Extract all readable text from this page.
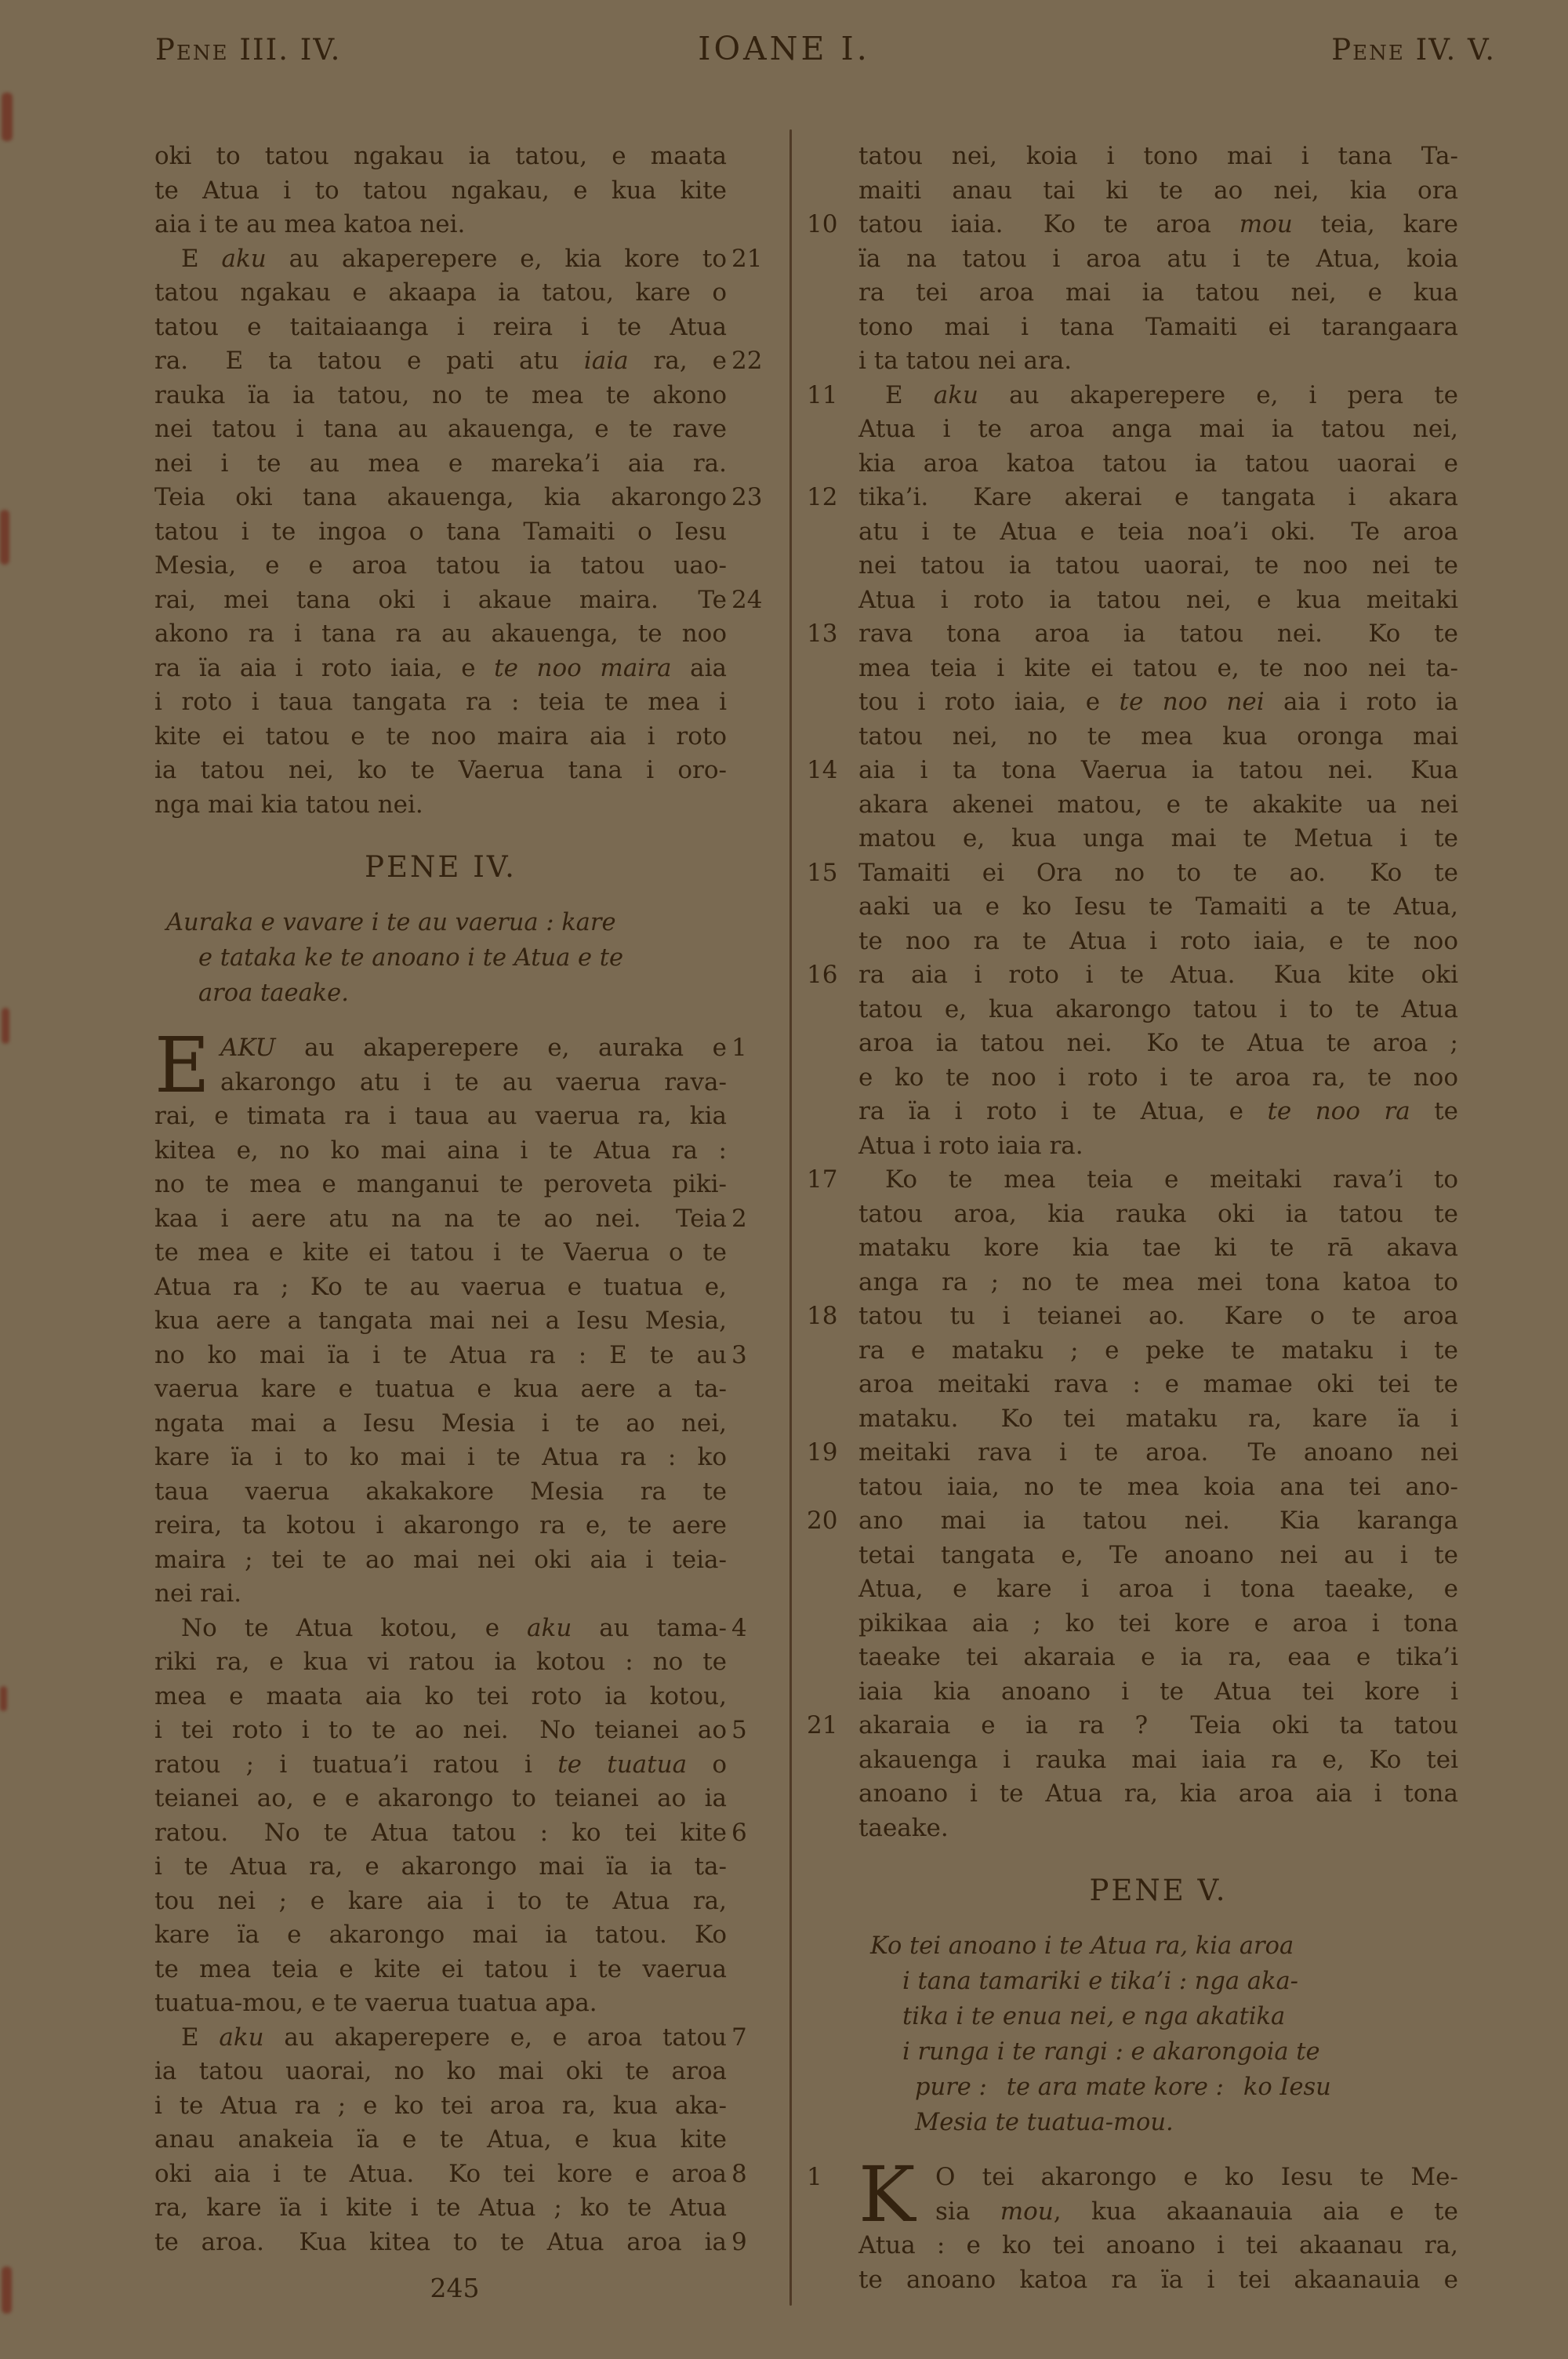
Pene III. IV.	IOANE I.	Pene IV. V.
oki to tatou ngakau ia tatou, e maata
te Atua i to tatou ngakau, e kua kite
aia i te au mea katoa nei.
21
E aku au akaperepere e, kia kore to
tatou ngakau e akaapa ia tatou, kare o
tatou e taitaiaanga i reira i te Atua
22
ra.  E ta tatou e pati atu iaia ra, e
rauka ïa ia tatou, no te mea te akono
nei tatou i tana au akauenga, e te rave
nei i te au mea e mareka’i aia ra.
23
Teia oki tana akauenga, kia akarongo
tatou i te ingoa o tana Tamaiti o Iesu
Mesia, e e aroa tatou ia tatou uao-
24
rai, mei tana oki i akaue maira.  Te
akono ra i tana ra au akauenga, te noo
ra ïa aia i roto iaia, e te noo maira aia
i roto i taua tangata ra : teia te mea i
kite ei tatou e te noo maira aia i roto
ia tatou nei, ko te Vaerua tana i oro-
nga mai kia tatou nei.
PENE IV.
Auraka e vavare i te au vaerua : kare
e tataka ke te anoano i te Atua e te
aroa taeake.
E	1
AKU au akaperepere e, auraka e
akarongo atu i te au vaerua rava-
rai, e timata ra i taua au vaerua ra, kia
kitea e, no ko mai aina i te Atua ra :
no te mea e manganui te peroveta piki-
2
kaa i aere atu na na te ao nei.  Teia
te mea e kite ei tatou i te Vaerua o te
Atua ra ; Ko te au vaerua e tuatua e,
kua aere a tangata mai nei a Iesu Mesia,
3
no ko mai ïa i te Atua ra : E te au
vaerua kare e tuatua e kua aere a ta-
ngata mai a Iesu Mesia i te ao nei,
kare ïa i to ko mai i te Atua ra : ko
taua vaerua akakakore Mesia ra te
reira, ta kotou i akarongo ra e, te aere
maira ; tei te ao mai nei oki aia i teia-
nei rai.
4
No te Atua kotou, e aku au tama-
riki ra, e kua vi ratou ia kotou : no te
mea e maata aia ko tei roto ia kotou,
5
i tei roto i to te ao nei.  No teianei ao
ratou ; i tuatua’i ratou i te tuatua o
teianei ao, e e akarongo to teianei ao ia
6
ratou.  No te Atua tatou : ko tei kite
i te Atua ra, e akarongo mai ïa ia ta-
tou nei ; e kare aia i to te Atua ra,
kare ïa e akarongo mai ia tatou. Ko
te mea teia e kite ei tatou i te vaerua
tuatua-mou, e te vaerua tuatua apa.
7
E aku au akaperepere e, e aroa tatou
ia tatou uaorai, no ko mai oki te aroa
i te Atua ra ; e ko tei aroa ra, kua aka-
anau anakeia ïa e te Atua, e kua kite
8
oki aia i te Atua.  Ko tei kore e aroa
ra, kare ïa i kite i te Atua ; ko te Atua
9
te aroa.  Kua kitea to te Atua aroa ia
tatou nei, koia i tono mai i tana Ta-
maiti anau tai ki te ao nei, kia ora
10 tatou iaia.  Ko te aroa mou teia, kare
ïa na tatou i aroa atu i te Atua, koia
ra tei aroa mai ia tatou nei, e kua
tono mai i tana Tamaiti ei tarangaara
i ta tatou nei ara.
11	E aku au akaperepere e, i pera te
Atua i te aroa anga mai ia tatou nei,
kia aroa katoa tatou ia tatou uaorai e
12 tika’i.  Kare akerai e tangata i akara
atu i te Atua e teia noa’i oki.  Te aroa
nei tatou ia tatou uaorai, te noo nei te
Atua i roto ia tatou nei, e kua meitaki
13 rava tona aroa ia tatou nei.  Ko te
mea teia i kite ei tatou e, te noo nei ta-
tou i roto iaia, e te noo nei aia i roto ia
tatou nei, no te mea kua oronga mai
14 aia i ta tona Vaerua ia tatou nei.  Kua
akara akenei matou, e te akakite ua nei
matou e, kua unga mai te Metua i te
15 Tamaiti ei Ora no to te ao.  Ko te
aaki ua e ko Iesu te Tamaiti a te Atua,
te noo ra te Atua i roto iaia, e te noo
16 ra aia i roto i te Atua.  Kua kite oki
tatou e, kua akarongo tatou i to te Atua
aroa ia tatou nei.  Ko te Atua te aroa ;
e ko te noo i roto i te aroa ra, te noo
ra ïa i roto i te Atua, e te noo ra te
Atua i roto iaia ra.
17	Ko te mea teia e meitaki rava’i to
tatou aroa, kia rauka oki ia tatou te
mataku kore kia tae ki te rā akava
anga ra ; no te mea mei tona katoa to
18 tatou tu i teianei ao.  Kare o te aroa
ra e mataku ; e peke te mataku i te
aroa meitaki rava : e mamae oki tei te
mataku.  Ko tei mataku ra, kare ïa i
19 meitaki rava i te aroa.  Te anoano nei
tatou iaia, no te mea koia ana tei ano-
20 ano mai ia tatou nei.  Kia karanga
tetai tangata e, Te anoano nei au i te
Atua, e kare i aroa i tona taeake, e
pikikaa aia ; ko tei kore e aroa i tona
taeake tei akaraia e ia ra, eaa e tika’i
iaia kia anoano i te Atua tei kore i
21 akaraia e ia ra ?  Teia oki ta tatou
akauenga i rauka mai iaia ra e, Ko tei
anoano i te Atua ra, kia aroa aia i tona
taeake.
PENE V.
Ko tei anoano i te Atua ra, kia aroa
i tana tamariki e tika’i : nga aka-
tika i te enua nei, e nga akatika
i runga i te rangi : e akarongoia te
pure :  te ara mate kore :  ko Iesu
Mesia te tuatua-mou.
K
1	O tei akarongo e ko Iesu te Me-
sia mou, kua akaanauia aia e te
Atua : e ko tei anoano i tei akaanau ra,
te anoano katoa ra ïa i tei akaanauia e
245
